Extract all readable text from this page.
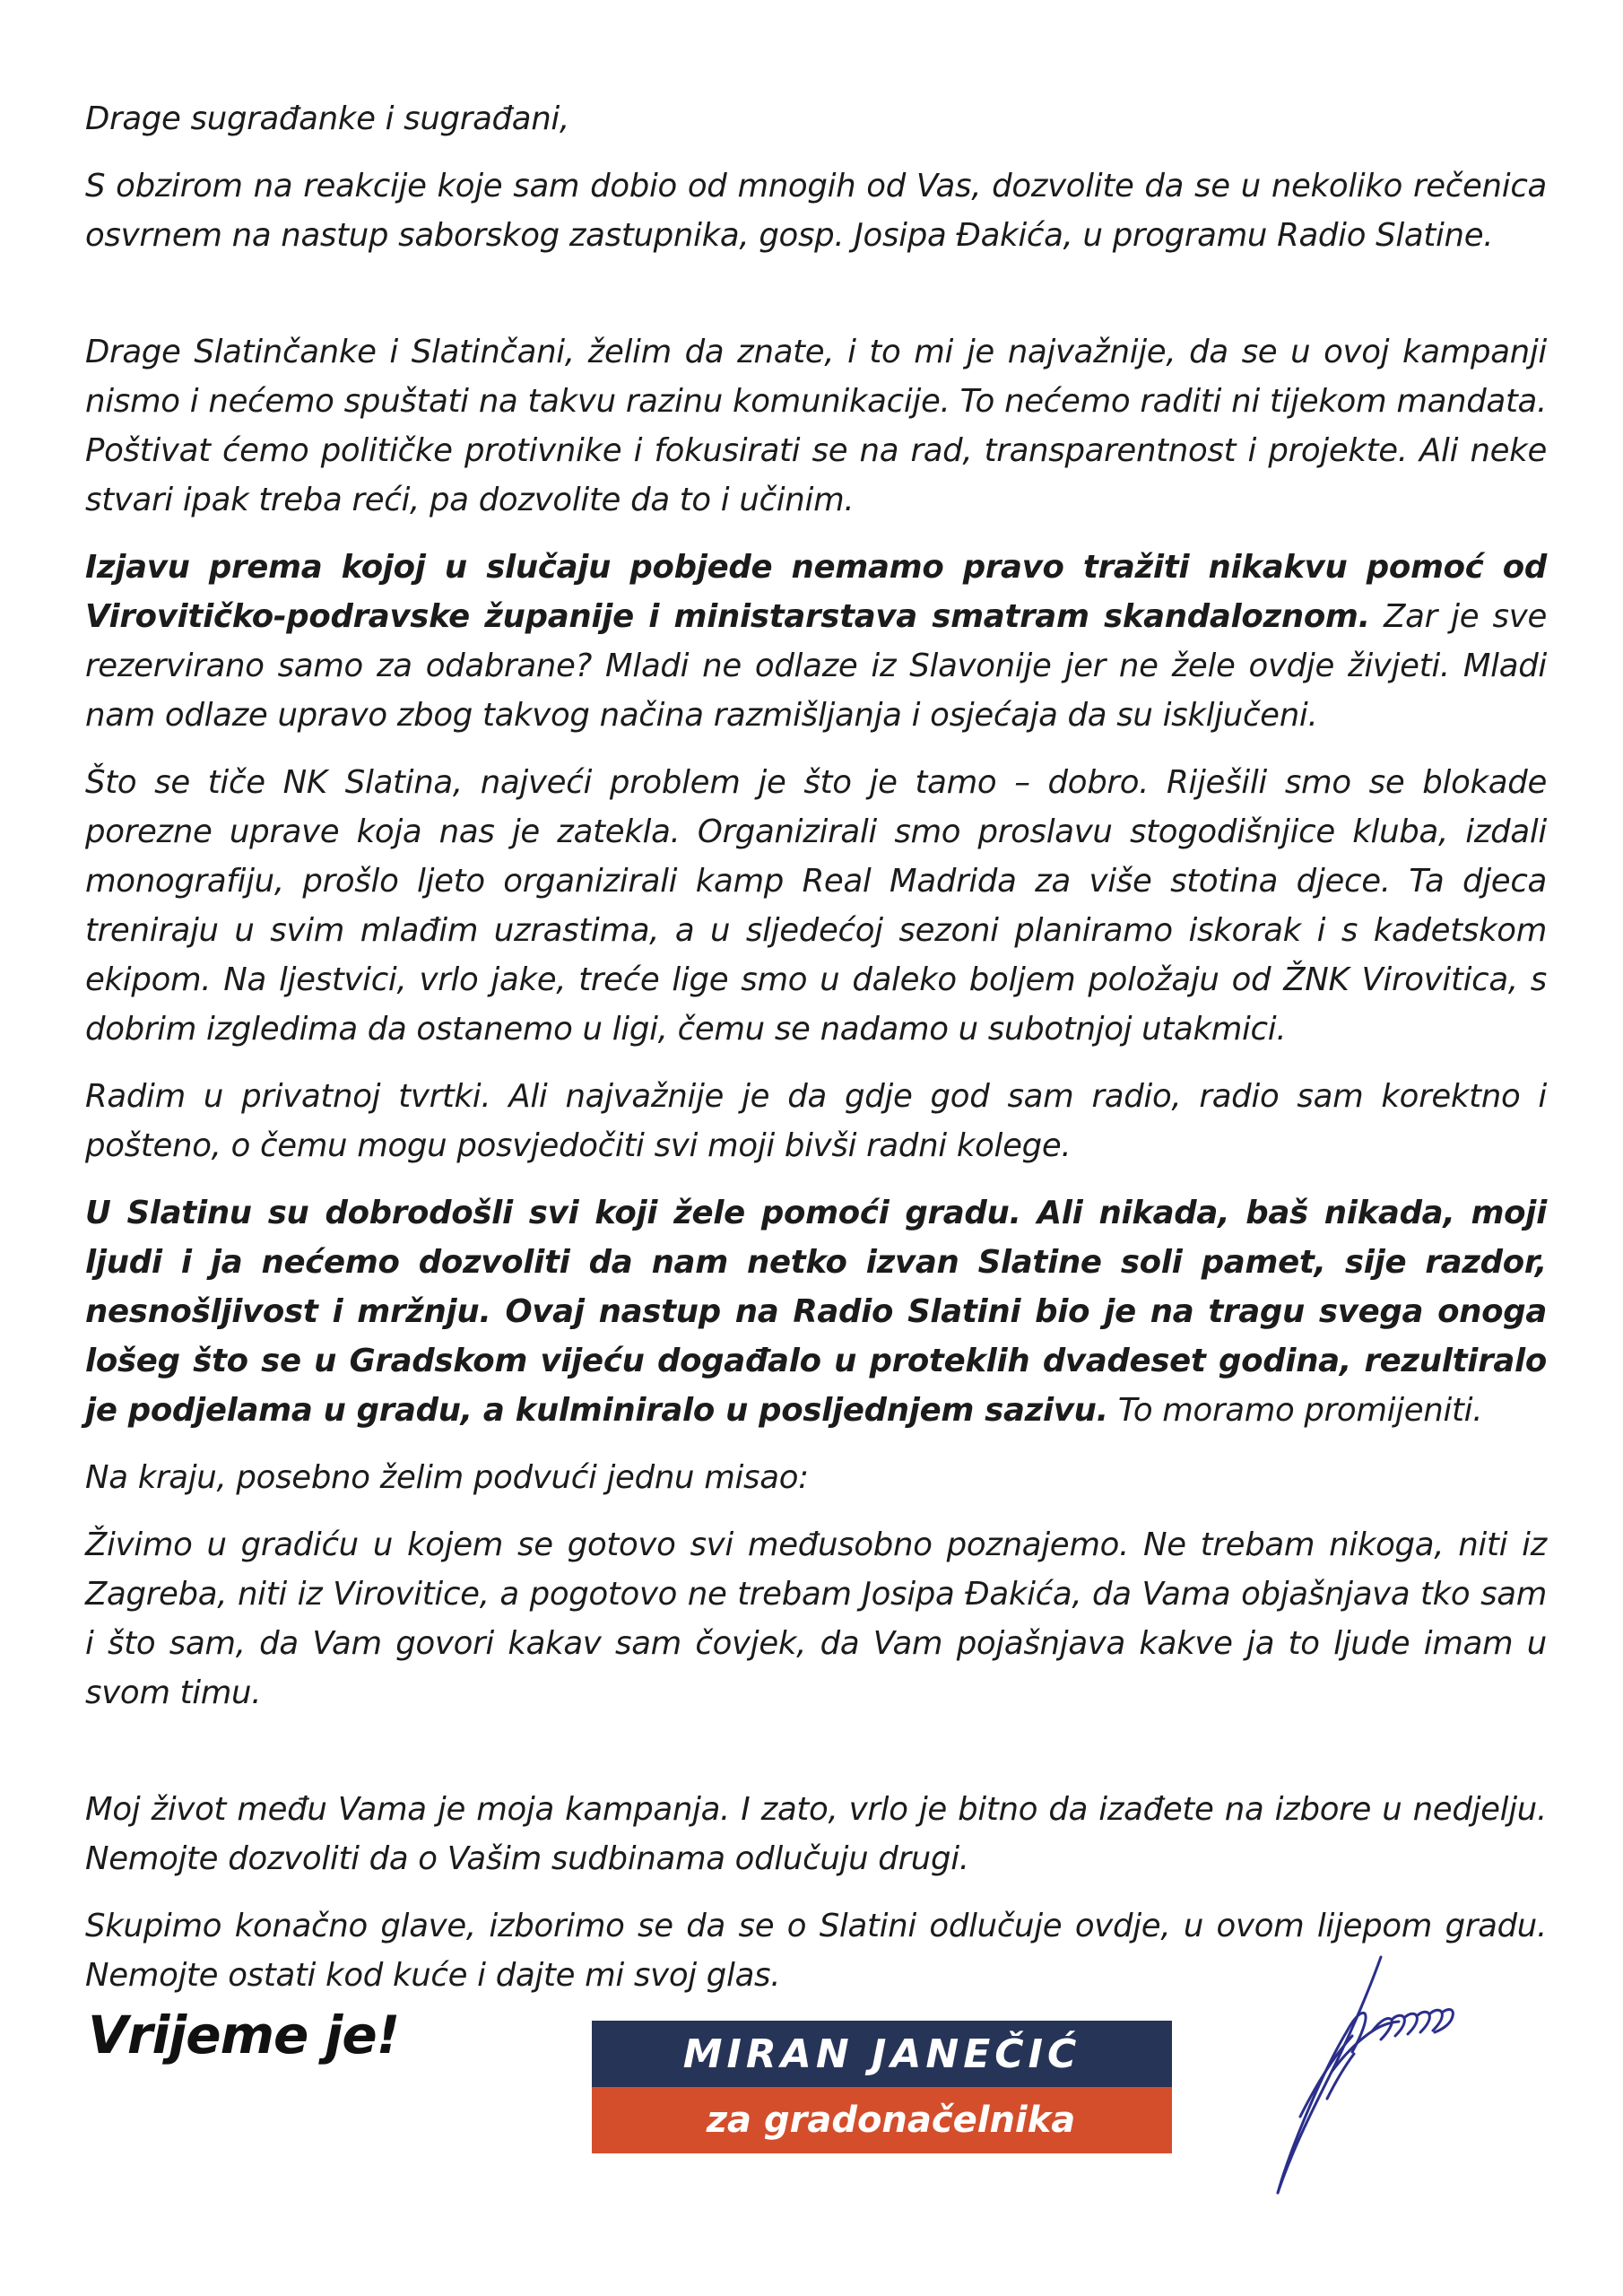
Drage sugrađanke i sugrađani,

S obzirom na reakcije koje sam dobio od mnogih od Vas, dozvolite da se u nekoliko rečenica osvrnem na nastup saborskog zastupnika, gosp. Josipa Đakića, u programu Radio Slatine.

Drage Slatinčanke i Slatinčani, želim da znate, i to mi je najvažnije, da se u ovoj kampanji nismo i nećemo spuštati na takvu razinu komunikacije. To nećemo raditi ni tijekom mandata. Poštivat ćemo političke protivnike i fokusirati se na rad, transparentnost i projekte. Ali neke stvari ipak treba reći, pa dozvolite da to i učinim.

Izjavu prema kojoj u slučaju pobjede nemamo pravo tražiti nikakvu pomoć od Virovitičko-podravske županije i ministarstava smatram skandaloznom. Zar je sve rezervirano samo za odabrane? Mladi ne odlaze iz Slavonije jer ne žele ovdje živjeti. Mladi nam odlaze upravo zbog takvog načina razmišljanja i osjećaja da su isključeni.

Što se tiče NK Slatina, najveći problem je što je tamo – dobro. Riješili smo se blokade porezne uprave koja nas je zatekla. Organizirali smo proslavu stogodišnjice kluba, izdali monografiju, prošlo ljeto organizirali kamp Real Madrida za više stotina djece. Ta djeca treniraju u svim mlađim uzrastima, a u sljedećoj sezoni planiramo iskorak i s kadetskom ekipom. Na ljestvici, vrlo jake, treće lige smo u daleko boljem položaju od ŽNK Virovitica, s dobrim izgledima da ostanemo u ligi, čemu se nadamo u subotnjoj utakmici.

Radim u privatnoj tvrtki. Ali najvažnije je da gdje god sam radio, radio sam korektno i pošteno, o čemu mogu posvjedočiti svi moji bivši radni kolege.

U Slatinu su dobrodošli svi koji žele pomoći gradu. Ali nikada, baš nikada, moji ljudi i ja nećemo dozvoliti da nam netko izvan Slatine soli pamet, sije razdor, nesnošljivost i mržnju. Ovaj nastup na Radio Slatini bio je na tragu svega onoga lošeg što se u Gradskom vijeću događalo u proteklih dvadeset godina, rezultiralo je podjelama u gradu, a kulminiralo u posljednjem sazivu. To moramo promijeniti.

Na kraju, posebno želim podvući jednu misao:

Živimo u gradiću u kojem se gotovo svi međusobno poznajemo. Ne trebam nikoga, niti iz Zagreba, niti iz Virovitice, a pogotovo ne trebam Josipa Đakića, da Vama objašnjava tko sam i što sam, da Vam govori kakav sam čovjek, da Vam pojašnjava kakve ja to ljude imam u svom timu.

Moj život među Vama je moja kampanja. I zato, vrlo je bitno da izađete na izbore u nedjelju. Nemojte dozvoliti da o Vašim sudbinama odlučuju drugi.

Skupimo konačno glave, izborimo se da se o Slatini odlučuje ovdje, u ovom lijepom gradu. Nemojte ostati kod kuće i dajte mi svoj glas.

Vrijeme je!	MIRAN JANEČIĆ
za gradonačelnika
